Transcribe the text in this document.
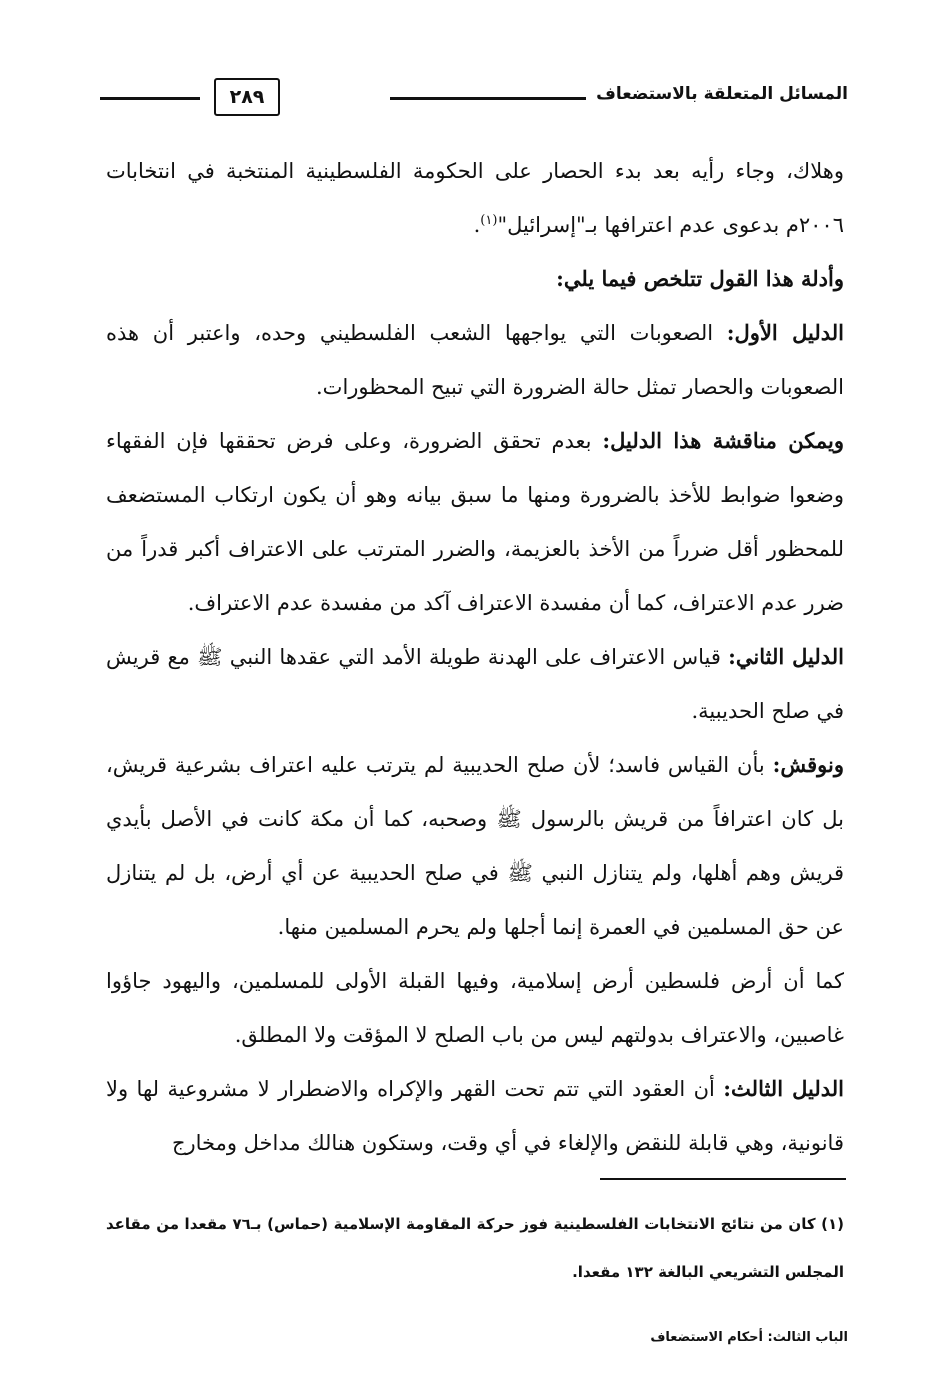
المسائل المتعلقة بالاستضعاف
٢٨٩

وهلاك، وجاء رأيه بعد بدء الحصار على الحكومة الفلسطينية المنتخبة في انتخابات ٢٠٠٦م بدعوى عدم اعترافها بـ"إسرائيل"$^{(١)}$.

وأدلة هذا القول تتلخص فيما يلي:

الدليل الأول: الصعوبات التي يواجهها الشعب الفلسطيني وحده، واعتبر أن هذه الصعوبات والحصار تمثل حالة الضرورة التي تبيح المحظورات.

ويمكن مناقشة هذا الدليل: بعدم تحقق الضرورة، وعلى فرض تحققها فإن الفقهاء وضعوا ضوابط للأخذ بالضرورة ومنها ما سبق بيانه وهو أن يكون ارتكاب المستضعف للمحظور أقل ضرراً من الأخذ بالعزيمة، والضرر المترتب على الاعتراف أكبر قدراً من ضرر عدم الاعتراف، كما أن مفسدة الاعتراف آكد من مفسدة عدم الاعتراف.

الدليل الثاني: قياس الاعتراف على الهدنة طويلة الأمد التي عقدها النبي ﷺ مع قريش في صلح الحديبية.

ونوقش: بأن القياس فاسد؛ لأن صلح الحديبية لم يترتب عليه اعتراف بشرعية قريش، بل كان اعترافاً من قريش بالرسول ﷺ وصحبه، كما أن مكة كانت في الأصل بأيدي قريش وهم أهلها، ولم يتنازل النبي ﷺ في صلح الحديبية عن أي أرض، بل لم يتنازل عن حق المسلمين في العمرة إنما أجلها ولم يحرم المسلمين منها.

كما أن أرض فلسطين أرض إسلامية، وفيها القبلة الأولى للمسلمين، واليهود جاؤوا غاصبين، والاعتراف بدولتهم ليس من باب الصلح لا المؤقت ولا المطلق.

الدليل الثالث: أن العقود التي تتم تحت القهر والإكراه والاضطرار لا مشروعية لها ولا قانونية، وهي قابلة للنقض والإلغاء في أي وقت، وستكون هنالك مداخل ومخارج

(١) كان من نتائج الانتخابات الفلسطينية فوز حركة المقاومة الإسلامية (حماس) بـ٧٦ مقعدا من مقاعد المجلس التشريعي البالغة ١٣٢ مقعدا.
الباب الثالث: أحكام الاستضعاف
